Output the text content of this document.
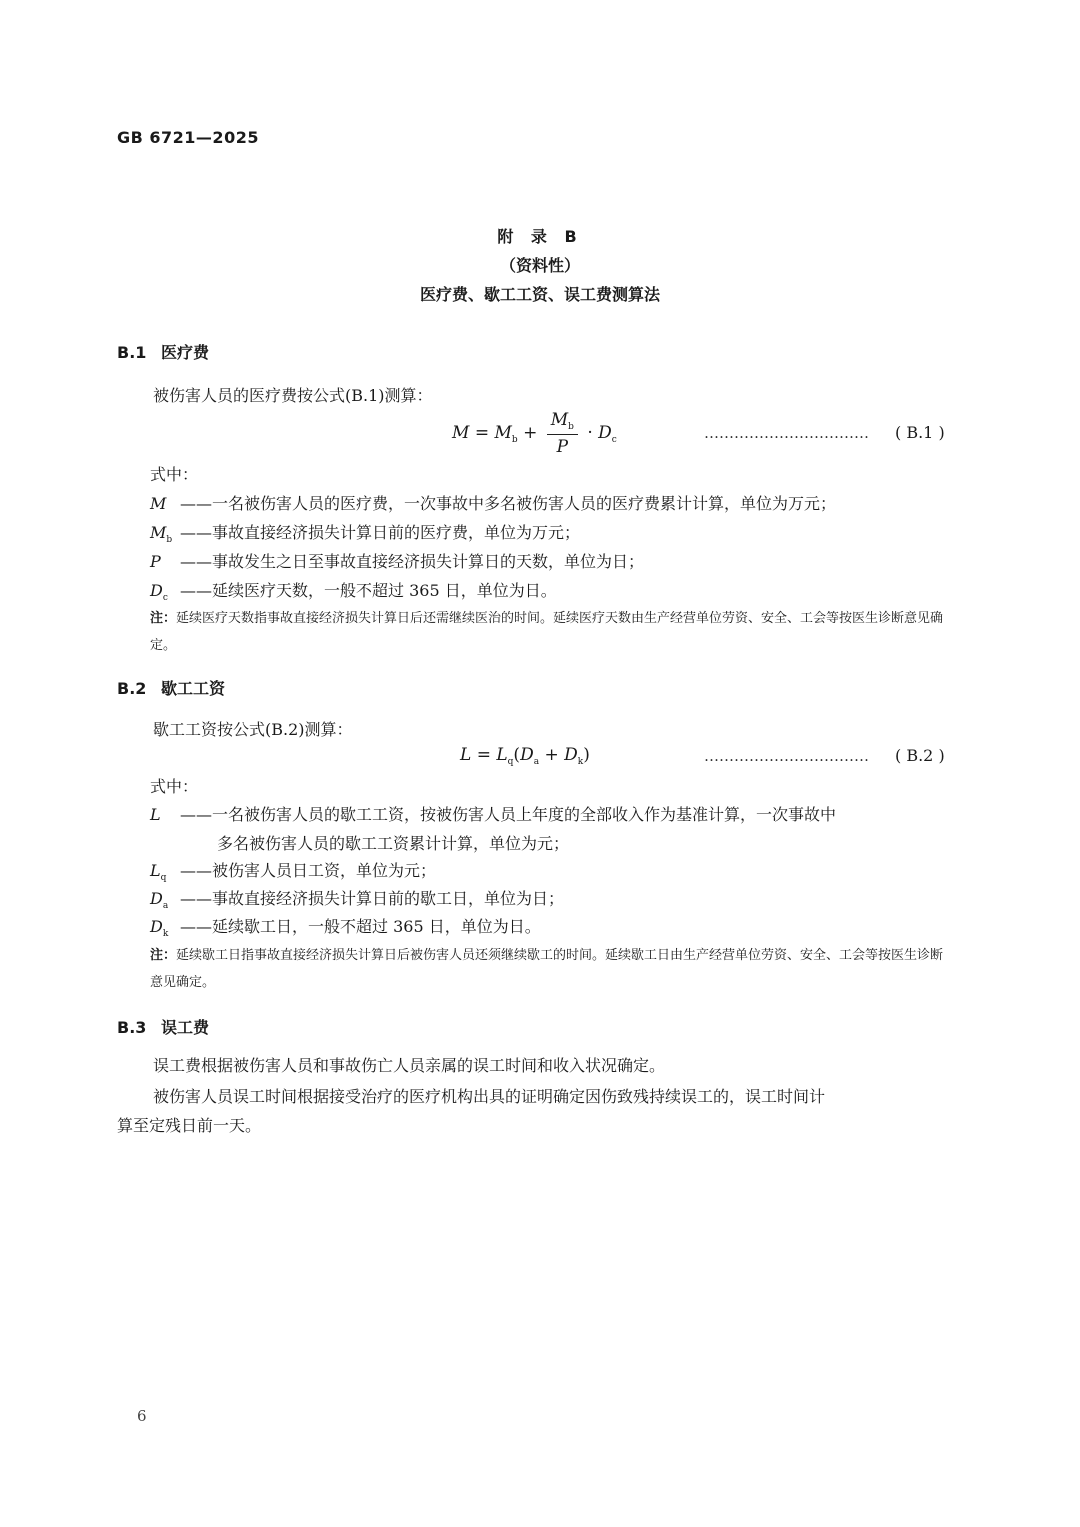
GB 6721—2025
附 录 B
（资料性）
医疗费、歇工工资、误工费测算法
B.1 医疗费
被伤害人员的医疗费按公式(B.1)测算：
$M = M_b + \frac{M_b}{P} \cdot D_c$	…………………………… ( B.1 )
式中：
M ——一名被伤害人员的医疗费，一次事故中多名被伤害人员的医疗费累计计算，单位为万元；
$M_b$ ——事故直接经济损失计算日前的医疗费，单位为万元；
P ——事故发生之日至事故直接经济损失计算日的天数，单位为日；
$D_c$ ——延续医疗天数，一般不超过 365 日，单位为日。
注：延续医疗天数指事故直接经济损失计算日后还需继续医治的时间。延续医疗天数由生产经营单位劳资、安全、工会等按医生诊断意见确定。
B.2 歇工工资
歇工工资按公式(B.2)测算：
$L = L_q(D_a + D_k)$	…………………………… ( B.2 )
式中：
L ——一名被伤害人员的歇工工资，按被伤害人员上年度的全部收入作为基准计算，一次事故中
多名被伤害人员的歇工工资累计计算，单位为元；
$L_q$ ——被伤害人员日工资，单位为元；
$D_a$ ——事故直接经济损失计算日前的歇工日，单位为日；
$D_k$ ——延续歇工日，一般不超过 365 日，单位为日。
注：延续歇工日指事故直接经济损失计算日后被伤害人员还须继续歇工的时间。延续歇工日由生产经营单位劳资、安全、工会等按医生诊断意见确定。
B.3 误工费
误工费根据被伤害人员和事故伤亡人员亲属的误工时间和收入状况确定。
被伤害人员误工时间根据接受治疗的医疗机构出具的证明确定因伤致残持续误工的，误工时间计
算至定残日前一天。
6
